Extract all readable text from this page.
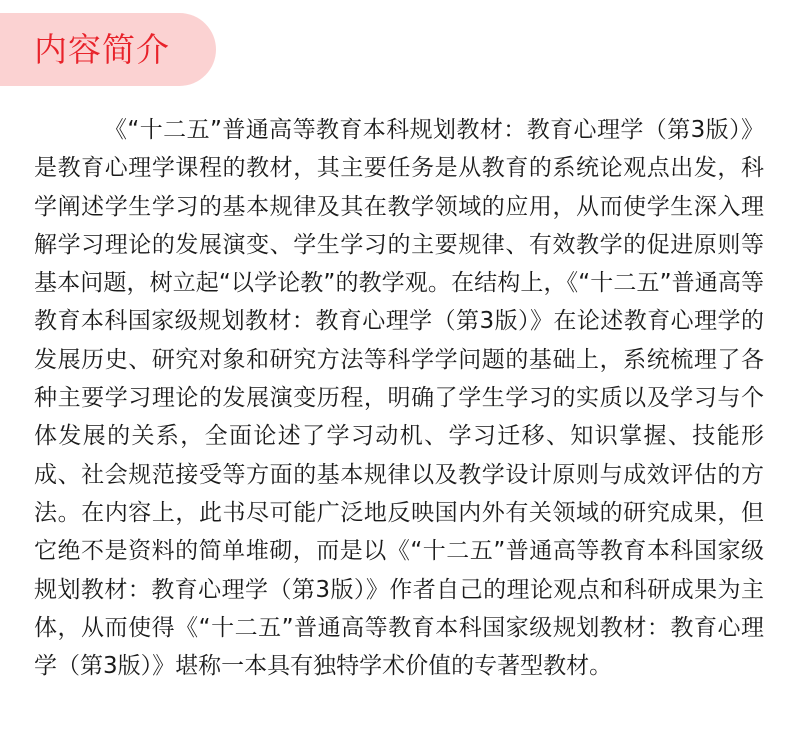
内容简介

《“十二五”普通高等教育本科规划教材：教育心理学（第3版）》是教育心理学课程的教材，其主要任务是从教育的系统论观点出发，科学阐述学生学习的基本规律及其在教学领域的应用，从而使学生深入理解学习理论的发展演变、学生学习的主要规律、有效教学的促进原则等基本问题，树立起“以学论教”的教学观。在结构上，《“十二五”普通高等教育本科国家级规划教材：教育心理学（第3版）》在论述教育心理学的发展历史、研究对象和研究方法等科学学问题的基础上，系统梳理了各种主要学习理论的发展演变历程，明确了学生学习的实质以及学习与个体发展的关系，全面论述了学习动机、学习迁移、知识掌握、技能形成、社会规范接受等方面的基本规律以及教学设计原则与成效评估的方法。在内容上，此书尽可能广泛地反映国内外有关领域的研究成果，但它绝不是资料的简单堆砌，而是以《“十二五”普通高等教育本科国家级规划教材：教育心理学（第3版）》作者自己的理论观点和科研成果为主体，从而使得《“十二五”普通高等教育本科国家级规划教材：教育心理学（第3版）》堪称一本具有独特学术价值的专著型教材。
